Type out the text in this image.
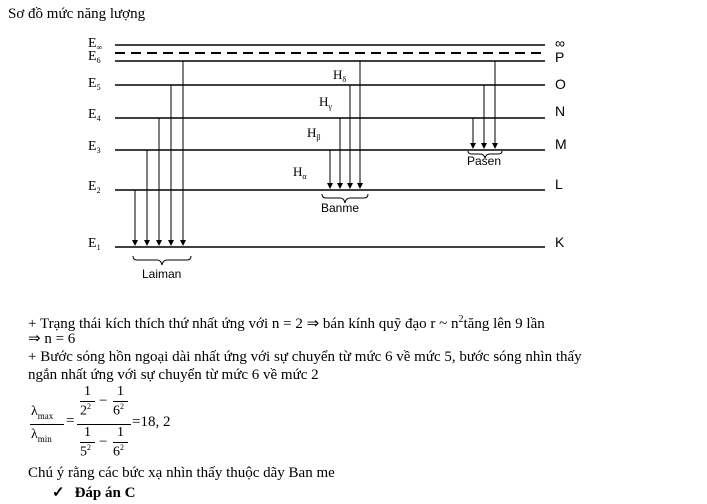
Sơ đồ mức năng lượng
$E_\infty$
$E_6$
$E_5$
$E_4$
$E_3$
$E_2$
$E_1$
∞
P
O
N
M
L
K
Laiman
$H_\delta$
$H_\gamma$
$H_\beta$
$H_\alpha$
Banme
Pasen
+ Trạng thái kích thích thứ nhất ứng với n = 2 ⇒ bán kính quỹ đạo r ~ $n^2tăng$ lên 9 lần
⇒ n = 6
+ Bước sóng hồn ngoại dài nhất ứng với sự chuyển từ mức 6 về mức 5, bước sóng nhìn thấy
ngắn nhất ứng với sự chuyển từ mức 6 về mức 2
$\lambda_{max}$
$\lambda_{min}$
=
1
$2^2$ −
1
$6^2$
1
$5^2$ −
1
$6^2$
=18, 2
Chú ý rằng các bức xạ nhìn thấy thuộc dãy Ban me
✓ Đáp án C
